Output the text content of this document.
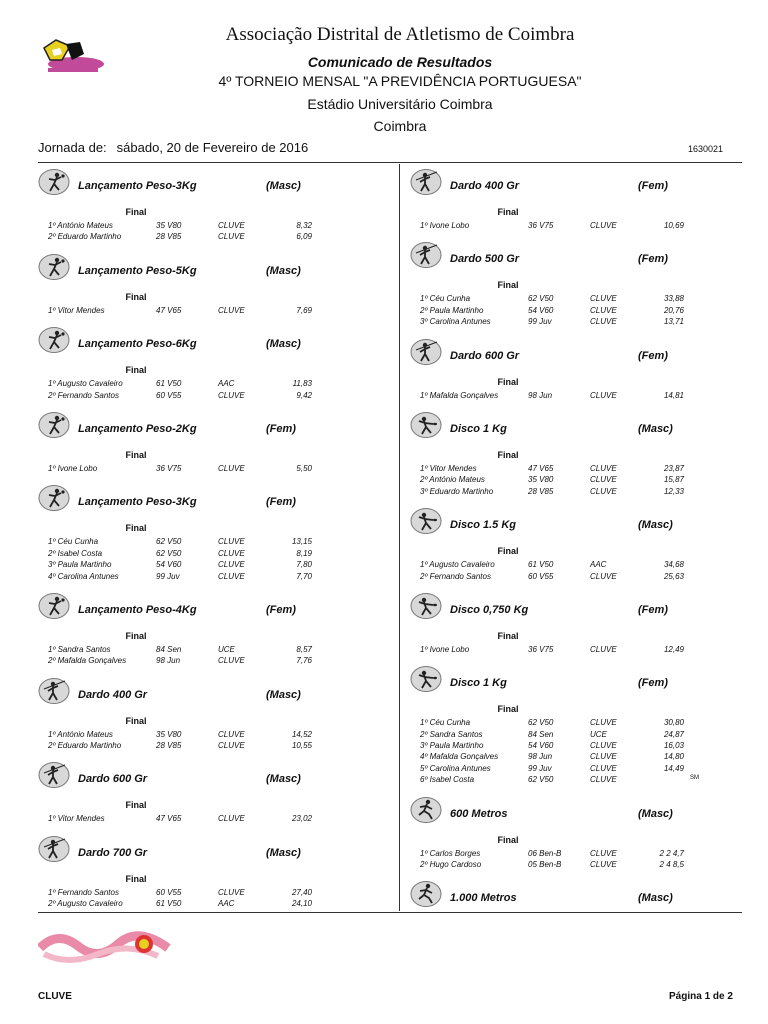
Associação Distrital de Atletismo de Coimbra
Comunicado de Resultados
4º TORNEIO MENSAL "A PREVIDÊNCIA PORTUGUESA"
Estádio Universitário Coimbra
Coimbra
Jornada de: sábado, 20 de Fevereiro de 2016	1630021
Lançamento Peso-3Kg	(Masc)
Final
1º António Mateus	35 V80	CLUVE	8,32
2º Eduardo Martinho	28 V85	CLUVE	6,09
Lançamento Peso-5Kg	(Masc)
Final
1º Vitor Mendes	47 V65	CLUVE	7,69
Lançamento Peso-6Kg	(Masc)
Final
1º Augusto Cavaleiro	61 V50	AAC	11,83
2º Fernando Santos	60 V55	CLUVE	9,42
Lançamento Peso-2Kg	(Fem)
Final
1º Ivone Lobo	36 V75	CLUVE	5,50
Lançamento Peso-3Kg	(Fem)
Final
1º Céu Cunha	62 V50	CLUVE	13,15
2º Isabel Costa	62 V50	CLUVE	8,19
3º Paula Martinho	54 V60	CLUVE	7,80
4º Carolina Antunes	99 Juv	CLUVE	7,70
Lançamento Peso-4Kg	(Fem)
Final
1º Sandra Santos	84 Sen	UCE	8,57
2º Mafalda Gonçalves	98 Jun	CLUVE	7,76
Dardo 400 Gr	(Masc)
Final
1º António Mateus	35 V80	CLUVE	14,52
2º Eduardo Martinho	28 V85	CLUVE	10,55
Dardo 600 Gr	(Masc)
Final
1º Vitor Mendes	47 V65	CLUVE	23,02
Dardo 700 Gr	(Masc)
Final
1º Fernando Santos	60 V55	CLUVE	27,40
2º Augusto Cavaleiro	61 V50	AAC	24,10
Dardo 400 Gr	(Fem)
Final
1º Ivone Lobo	36 V75	CLUVE	10,69
Dardo 500 Gr	(Fem)
Final
1º Céu Cunha	62 V50	CLUVE	33,88
2º Paula Martinho	54 V60	CLUVE	20,76
3º Carolina Antunes	99 Juv	CLUVE	13,71
Dardo 600 Gr	(Fem)
Final
1º Mafalda Gonçalves	98 Jun	CLUVE	14,81
Disco 1 Kg	(Masc)
Final
1º Vitor Mendes	47 V65	CLUVE	23,87
2º António Mateus	35 V80	CLUVE	15,87
3º Eduardo Martinho	28 V85	CLUVE	12,33
Disco 1.5 Kg	(Masc)
Final
1º Augusto Cavaleiro	61 V50	AAC	34,68
2º Fernando Santos	60 V55	CLUVE	25,63
Disco 0,750 Kg	(Fem)
Final
1º Ivone Lobo	36 V75	CLUVE	12,49
Disco 1 Kg	(Fem)
Final
1º Céu Cunha	62 V50	CLUVE	30,80
2º Sandra Santos	84 Sen	UCE	24,87
3º Paula Martinho	54 V60	CLUVE	16,03
4º Mafalda Gonçalves	98 Jun	CLUVE	14,80
5º Carolina Antunes	99 Juv	CLUVE	14,49
6º Isabel Costa	62 V50	CLUVE	SM
600 Metros	(Masc)
Final
1º Carlos Borges	06 Ben-B	CLUVE	2 2 4,7
2º Hugo Cardoso	05 Ben-B	CLUVE	2 4 8,5
1.000 Metros	(Masc)
CLUVE	Página 1 de 2
